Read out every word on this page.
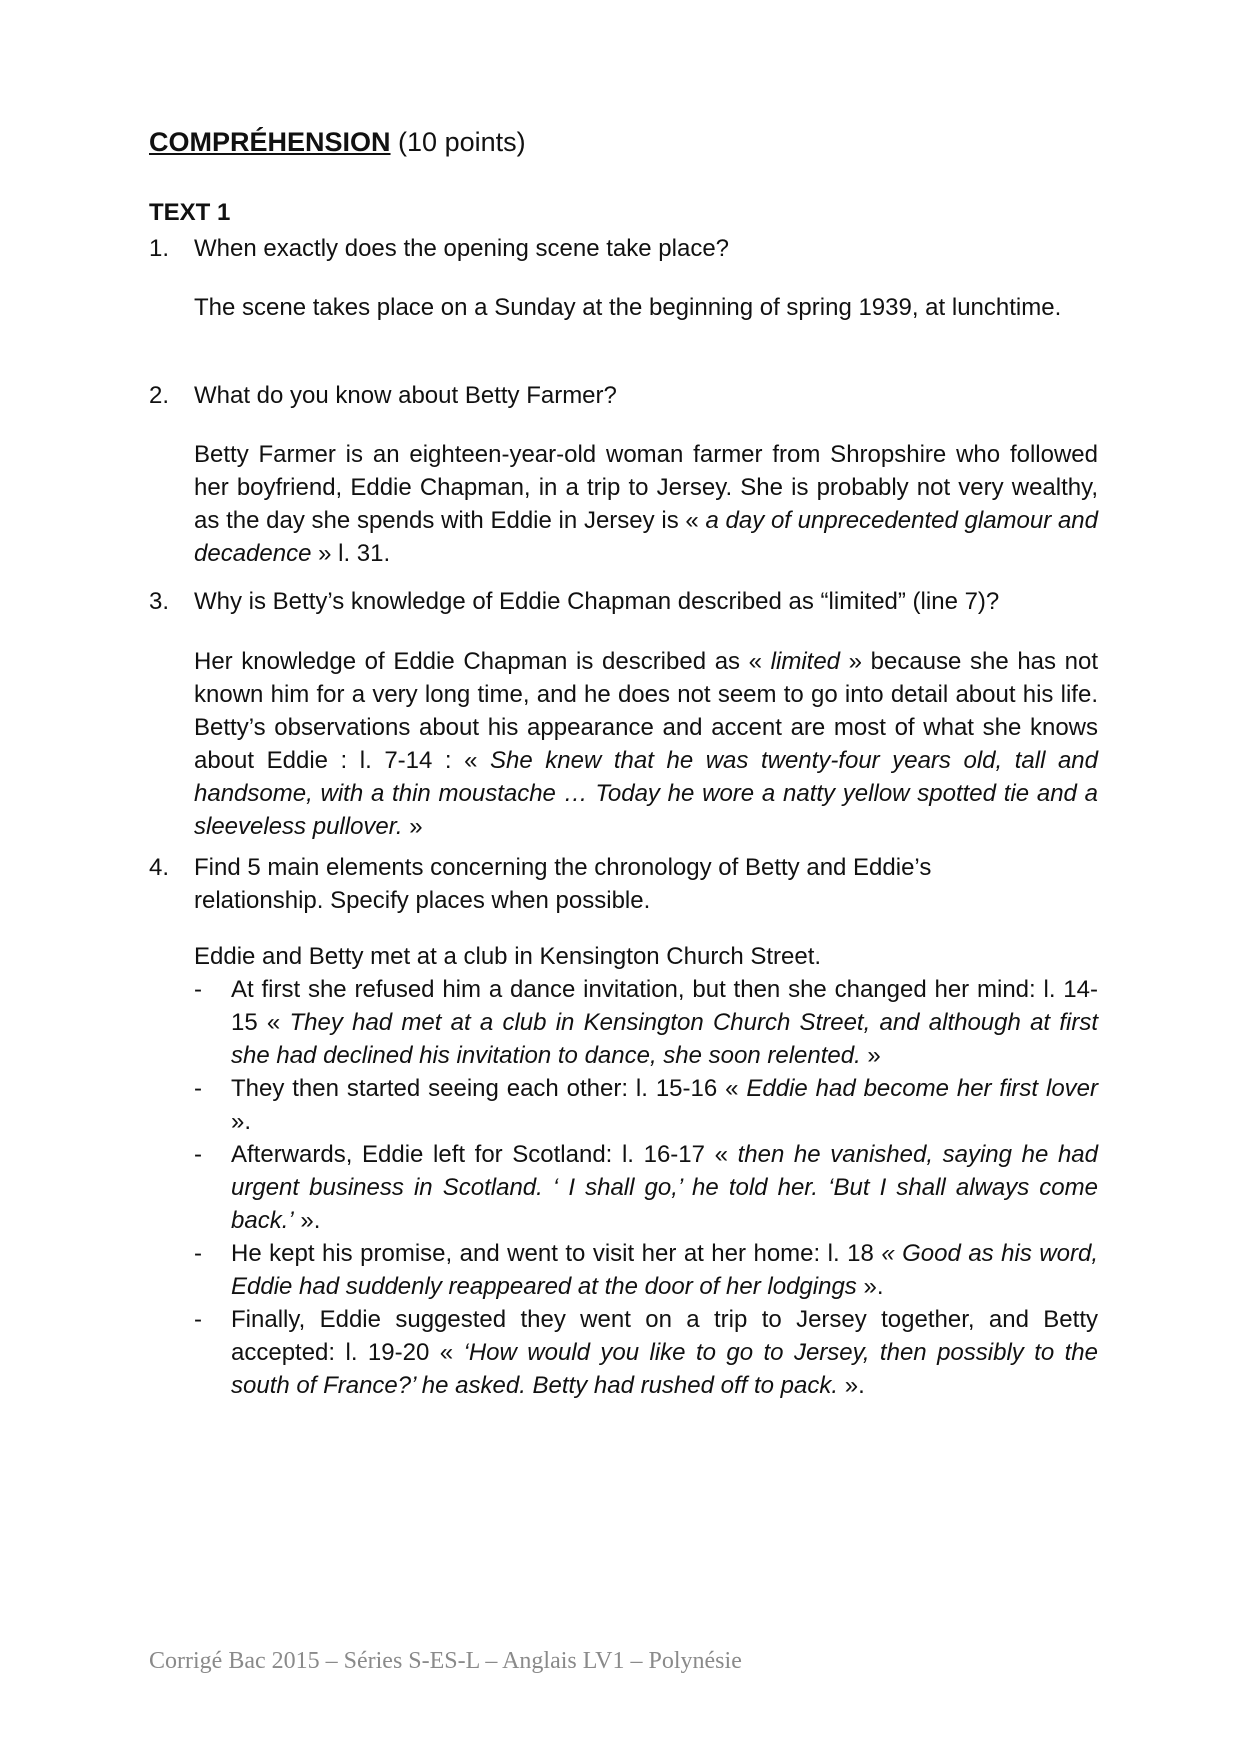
COMPRÉHENSION (10 points)
TEXT 1
1. When exactly does the opening scene take place?

The scene takes place on a Sunday at the beginning of spring 1939, at lunchtime.

2. What do you know about Betty Farmer?

Betty Farmer is an eighteen-year-old woman farmer from Shropshire who followed her boyfriend, Eddie Chapman, in a trip to Jersey. She is probably not very wealthy, as the day she spends with Eddie in Jersey is « a day of unprecedented glamour and decadence » l. 31.

3. Why is Betty’s knowledge of Eddie Chapman described as “limited” (line 7)?

Her knowledge of Eddie Chapman is described as « limited » because she has not known him for a very long time, and he does not seem to go into detail about his life. Betty’s observations about his appearance and accent are most of what she knows about Eddie : l. 7-14 : « She knew that he was twenty-four years old, tall and handsome, with a thin moustache … Today he wore a natty yellow spotted tie and a sleeveless pullover. »

4. Find 5 main elements concerning the chronology of Betty and Eddie’s
relationship. Specify places when possible.

Eddie and Betty met at a club in Kensington Church Street.

- At first she refused him a dance invitation, but then she changed her mind: l. 14-15 « They had met at a club in Kensington Church Street, and although at first she had declined his invitation to dance, she soon relented. »
- They then started seeing each other: l. 15-16 « Eddie had become her first lover ».
- Afterwards, Eddie left for Scotland: l. 16-17 « then he vanished, saying he had urgent business in Scotland. ‘ I shall go,’ he told her. ‘But I shall always come back.’ ».
- He kept his promise, and went to visit her at her home: l. 18 « Good as his word, Eddie had suddenly reappeared at the door of her lodgings ».
- Finally, Eddie suggested they went on a trip to Jersey together, and Betty accepted: l. 19-20 « ‘How would you like to go to Jersey, then possibly to the south of France?’ he asked. Betty had rushed off to pack. ».
Corrigé Bac 2015 – Séries S-ES-L – Anglais LV1 – Polynésie
